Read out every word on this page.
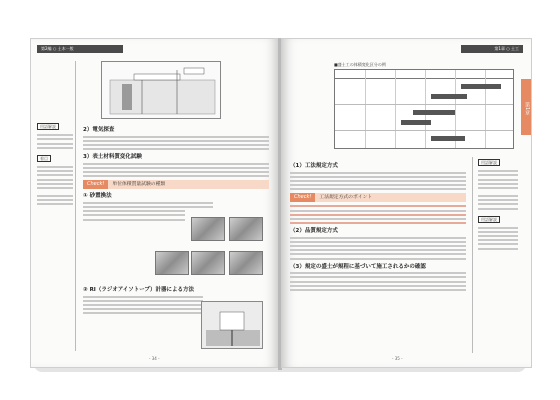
第2編 ○ 土木一般
用語解説
着目
2）電気探査
3）表土材料質変化試験
Check!	単位体積質量試験の種類
① 砂置換法
② RI（ラジオアイソトープ）計器による方法
- 34 -
第1章 ○ 土工
第1章
■盛土工の体積変化区分の例
（1）工法規定方式
Check!	工法規定方式のポイント
（2）品質規定方式
（3）規定の盛土が規程に基づいて施工されるかの確認
用語解説
用語解説
- 35 -
